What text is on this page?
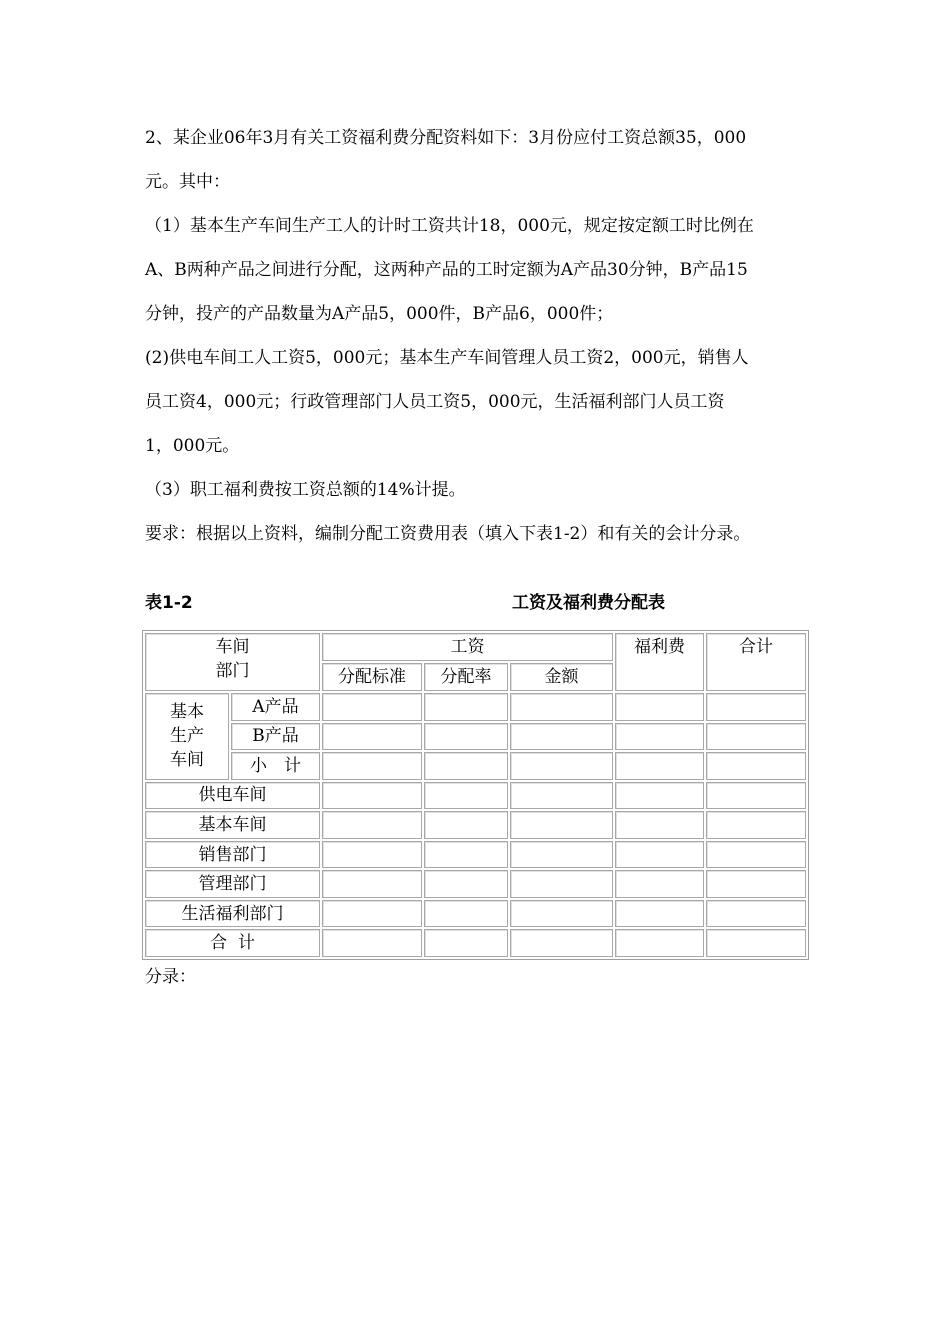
2、某企业06年3月有关工资福利费分配资料如下：3月份应付工资总额35，000

元。其中：

（1）基本生产车间生产工人的计时工资共计18，000元，规定按定额工时比例在

A、B两种产品之间进行分配，这两种产品的工时定额为A产品30分钟，B产品15

分钟，投产的产品数量为A产品5，000件，B产品6，000件；

(2)供电车间工人工资5，000元；基本生产车间管理人员工资2，000元，销售人

员工资4，000元；行政管理部门人员工资5，000元，生活福利部门人员工资

1，000元。

（3）职工福利费按工资总额的14%计提。

要求：根据以上资料，编制分配工资费用表（填入下表1-2）和有关的会计分录。

表1-2	工资及福利费分配表
车间
部门		工资			福利费	合计
		分配标准	分配率	金额		

基本
生产
车间	A产品					
	B产品					
	小　计					
供电车间						
基本车间						
销售部门						
管理部门						
生活福利部门						
合  计						
分录：
